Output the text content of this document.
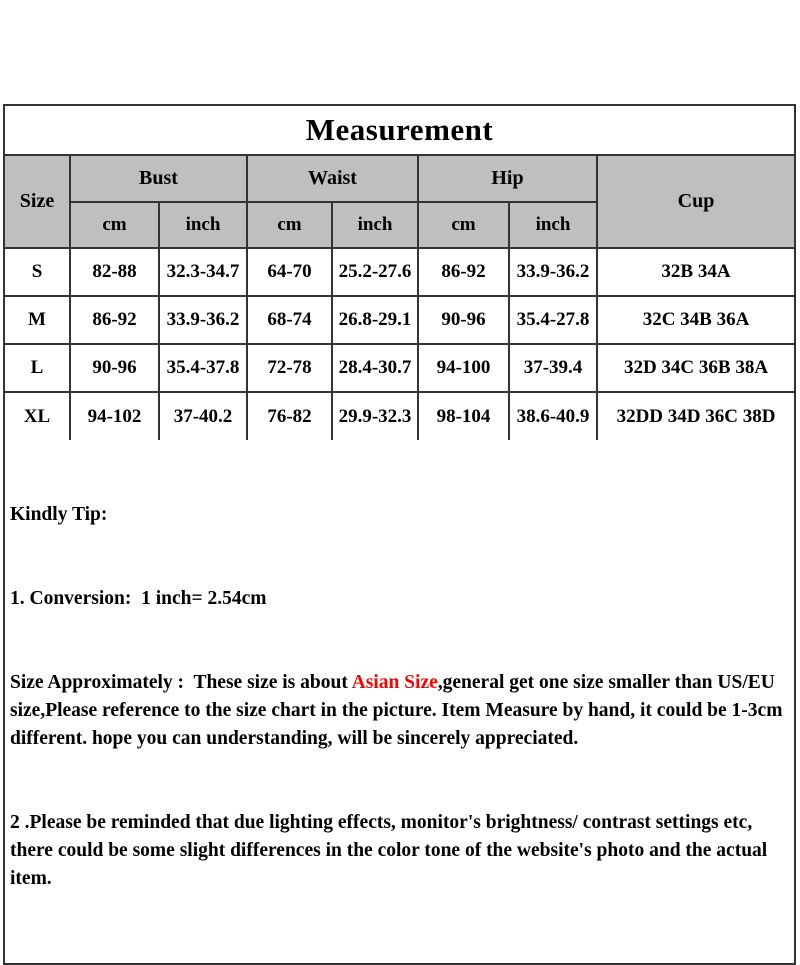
Measurement
Size	Bust		Waist		Hip		Cup
	cm	inch	cm	inch	cm	inch	
S	82-88	32.3-34.7	64-70	25.2-27.6	86-92	33.9-36.2	32B 34A
M	86-92	33.9-36.2	68-74	26.8-29.1	90-96	35.4-27.8	32C 34B 36A
L	90-96	35.4-37.8	72-78	28.4-30.7	94-100	37-39.4	32D 34C 36B 38A
XL	94-102	37-40.2	76-82	29.9-32.3	98-104	38.6-40.9	32DD 34D 36C 38D

Kindly Tip:

1. Conversion:  1 inch= 2.54cm

Size Approximately :  These size is about Asian Size,general get one size smaller than US/EU size,Please reference to the size chart in the picture. Item Measure by hand, it could be 1-3cm different. hope you can understanding, will be sincerely appreciated.

2 .Please be reminded that due lighting effects, monitor's brightness/ contrast settings etc, there could be some slight differences in the color tone of the website's photo and the actual item.
